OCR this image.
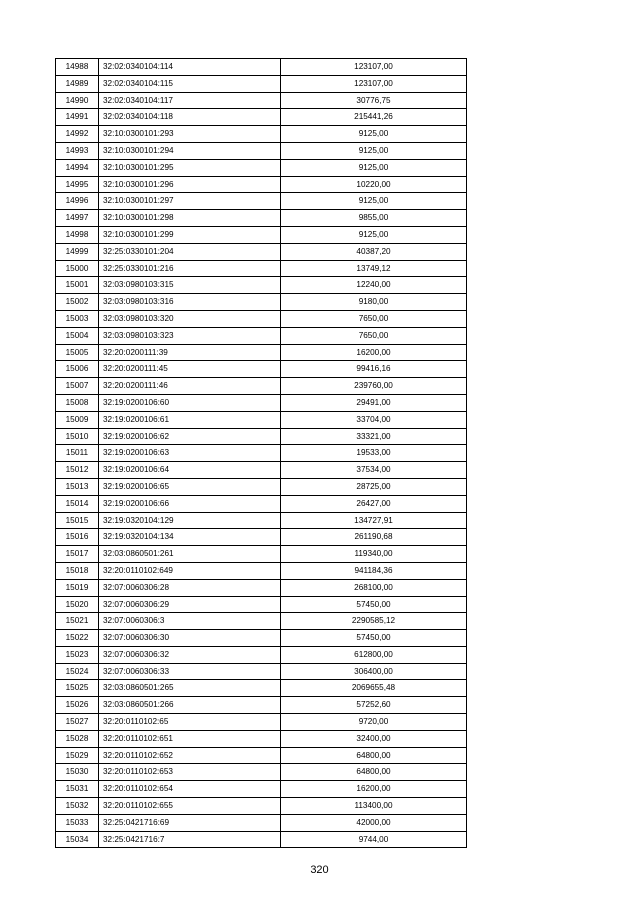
14988	32:02:0340104:114	123107,00
14989	32:02:0340104:115	123107,00
14990	32:02:0340104:117	30776,75
14991	32:02:0340104:118	215441,26
14992	32:10:0300101:293	9125,00
14993	32:10:0300101:294	9125,00
14994	32:10:0300101:295	9125,00
14995	32:10:0300101:296	10220,00
14996	32:10:0300101:297	9125,00
14997	32:10:0300101:298	9855,00
14998	32:10:0300101:299	9125,00
14999	32:25:0330101:204	40387,20
15000	32:25:0330101:216	13749,12
15001	32:03:0980103:315	12240,00
15002	32:03:0980103:316	9180,00
15003	32:03:0980103:320	7650,00
15004	32:03:0980103:323	7650,00
15005	32:20:0200111:39	16200,00
15006	32:20:0200111:45	99416,16
15007	32:20:0200111:46	239760,00
15008	32:19:0200106:60	29491,00
15009	32:19:0200106:61	33704,00
15010	32:19:0200106:62	33321,00
15011	32:19:0200106:63	19533,00
15012	32:19:0200106:64	37534,00
15013	32:19:0200106:65	28725,00
15014	32:19:0200106:66	26427,00
15015	32:19:0320104:129	134727,91
15016	32:19:0320104:134	261190,68
15017	32:03:0860501:261	119340,00
15018	32:20:0110102:649	941184,36
15019	32:07:0060306:28	268100,00
15020	32:07:0060306:29	57450,00
15021	32:07:0060306:3	2290585,12
15022	32:07:0060306:30	57450,00
15023	32:07:0060306:32	612800,00
15024	32:07:0060306:33	306400,00
15025	32:03:0860501:265	2069655,48
15026	32:03:0860501:266	57252,60
15027	32:20:0110102:65	9720,00
15028	32:20:0110102:651	32400,00
15029	32:20:0110102:652	64800,00
15030	32:20:0110102:653	64800,00
15031	32:20:0110102:654	16200,00
15032	32:20:0110102:655	113400,00
15033	32:25:0421716:69	42000,00
15034	32:25:0421716:7	9744,00
320
